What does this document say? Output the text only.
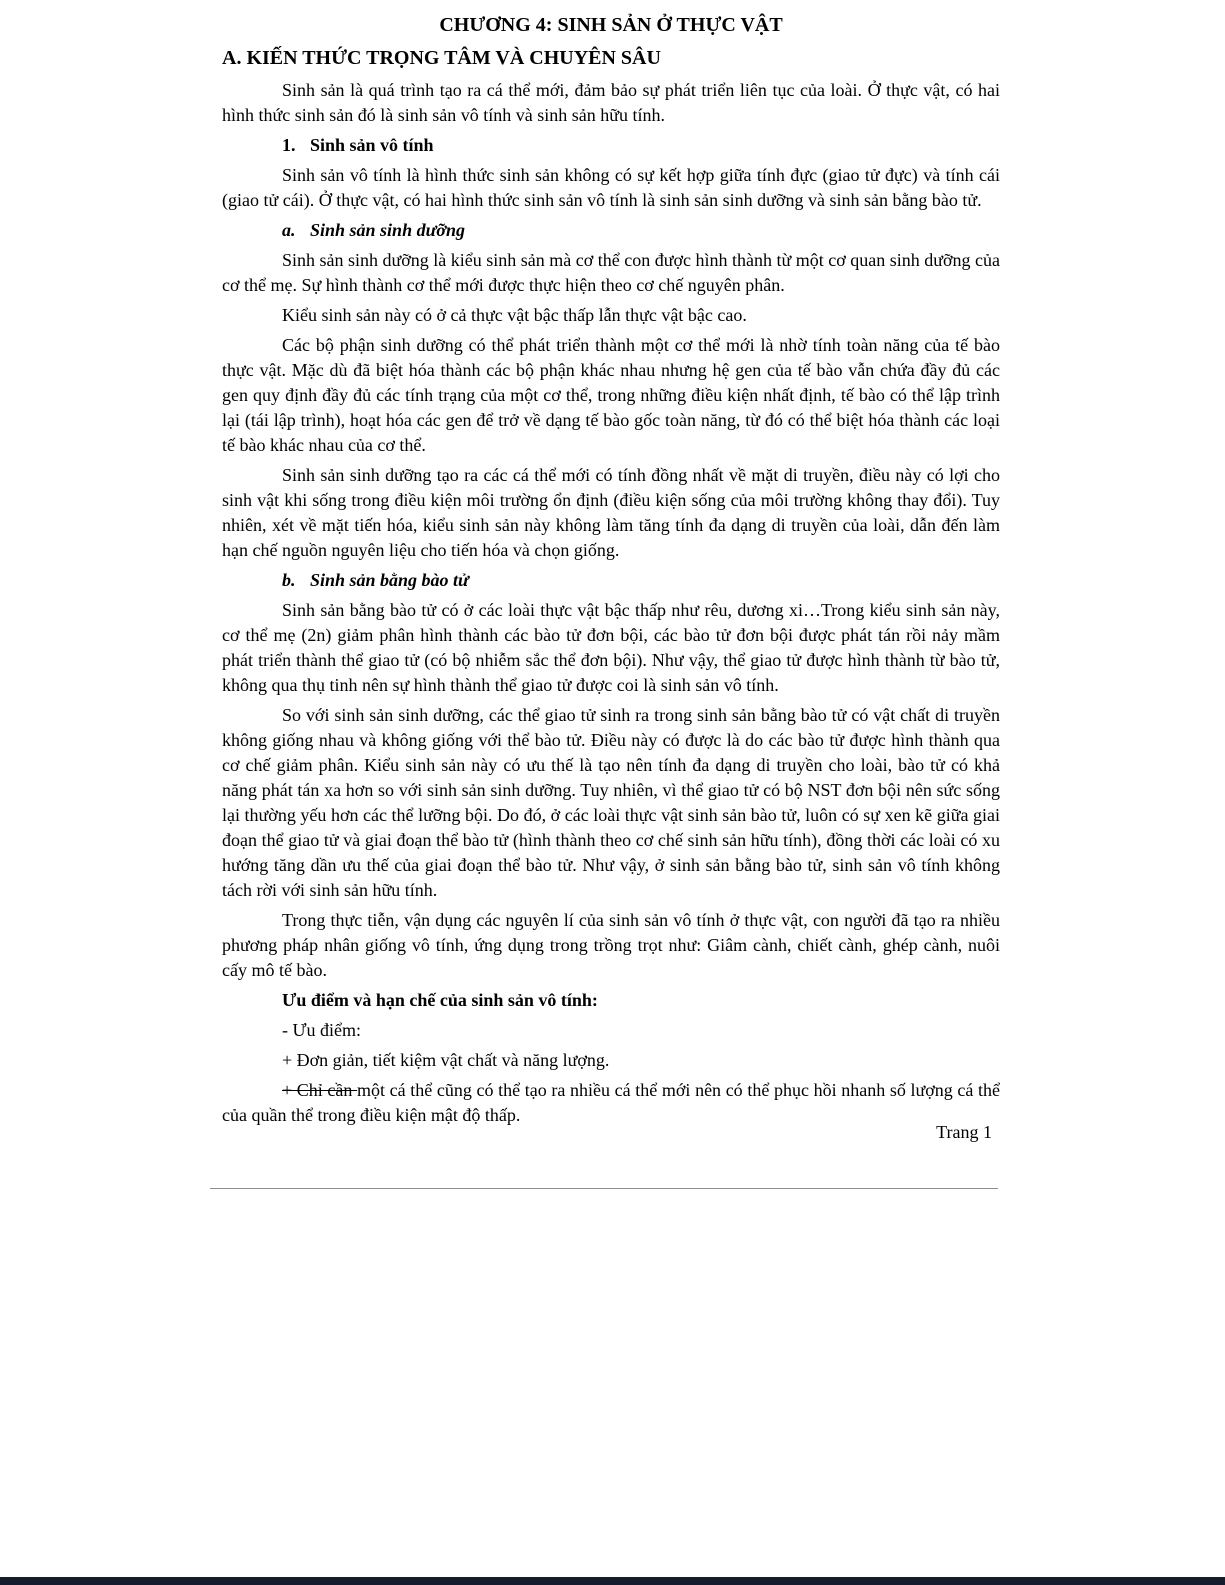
CHƯƠNG 4: SINH SẢN Ở THỰC VẬT
A. KIẾN THỨC TRỌNG TÂM VÀ CHUYÊN SÂU
Sinh sản là quá trình tạo ra cá thể mới, đảm bảo sự phát triển liên tục của loài. Ở thực vật, có hai hình thức sinh sản đó là sinh sản vô tính và sinh sản hữu tính.
1. Sinh sản vô tính
Sinh sản vô tính là hình thức sinh sản không có sự kết hợp giữa tính đực (giao tử đực) và tính cái (giao tử cái). Ở thực vật, có hai hình thức sinh sản vô tính là sinh sản sinh dưỡng và sinh sản bằng bào tử.
a. Sinh sản sinh dưỡng
Sinh sản sinh dưỡng là kiểu sinh sản mà cơ thể con được hình thành từ một cơ quan sinh dưỡng của cơ thể mẹ. Sự hình thành cơ thể mới được thực hiện theo cơ chế nguyên phân.
Kiểu sinh sản này có ở cả thực vật bậc thấp lẫn thực vật bậc cao.
Các bộ phận sinh dưỡng có thể phát triển thành một cơ thể mới là nhờ tính toàn năng của tế bào thực vật. Mặc dù đã biệt hóa thành các bộ phận khác nhau nhưng hệ gen của tế bào vẫn chứa đầy đủ các gen quy định đầy đủ các tính trạng của một cơ thể, trong những điều kiện nhất định, tế bào có thể lập trình lại (tái lập trình), hoạt hóa các gen để trở về dạng tế bào gốc toàn năng, từ đó có thể biệt hóa thành các loại tế bào khác nhau của cơ thể.
Sinh sản sinh dưỡng tạo ra các cá thể mới có tính đồng nhất về mặt di truyền, điều này có lợi cho sinh vật khi sống trong điều kiện môi trường ổn định (điều kiện sống của môi trường không thay đổi). Tuy nhiên, xét về mặt tiến hóa, kiểu sinh sản này không làm tăng tính đa dạng di truyền của loài, dẫn đến làm hạn chế nguồn nguyên liệu cho tiến hóa và chọn giống.
b. Sinh sản bằng bào tử
Sinh sản bằng bào tử có ở các loài thực vật bậc thấp như rêu, dương xi…Trong kiểu sinh sản này, cơ thể mẹ (2n) giảm phân hình thành các bào tử đơn bội, các bào tử đơn bội được phát tán rồi nảy mầm phát triển thành thể giao tử (có bộ nhiễm sắc thể đơn bội). Như vậy, thể giao tử được hình thành từ bào tử, không qua thụ tinh nên sự hình thành thể giao tử được coi là sinh sản vô tính.
So với sinh sản sinh dưỡng, các thể giao tử sinh ra trong sinh sản bằng bào tử có vật chất di truyền không giống nhau và không giống với thể bào tử. Điều này có được là do các bào tử được hình thành qua cơ chế giảm phân. Kiểu sinh sản này có ưu thế là tạo nên tính đa dạng di truyền cho loài, bào tử có khả năng phát tán xa hơn so với sinh sản sinh dưỡng. Tuy nhiên, vì thể giao tử có bộ NST đơn bội nên sức sống lại thường yếu hơn các thể lưỡng bội. Do đó, ở các loài thực vật sinh sản bào tử, luôn có sự xen kẽ giữa giai đoạn thể giao tử và giai đoạn thể bào tử (hình thành theo cơ chế sinh sản hữu tính), đồng thời các loài có xu hướng tăng dần ưu thế của giai đoạn thể bào tử. Như vậy, ở sinh sản bằng bào tử, sinh sản vô tính không tách rời với sinh sản hữu tính.
Trong thực tiễn, vận dụng các nguyên lí của sinh sản vô tính ở thực vật, con người đã tạo ra nhiều phương pháp nhân giống vô tính, ứng dụng trong trồng trọt như: Giâm cành, chiết cành, ghép cành, nuôi cấy mô tế bào.
Ưu điểm và hạn chế của sinh sản vô tính:
- Ưu điểm:
+ Đơn giản, tiết kiệm vật chất và năng lượng.
+ Chỉ cần một cá thể cũng có thể tạo ra nhiều cá thể mới nên có thể phục hồi nhanh số lượng cá thể của quần thể trong điều kiện mật độ thấp.
Trang 1
